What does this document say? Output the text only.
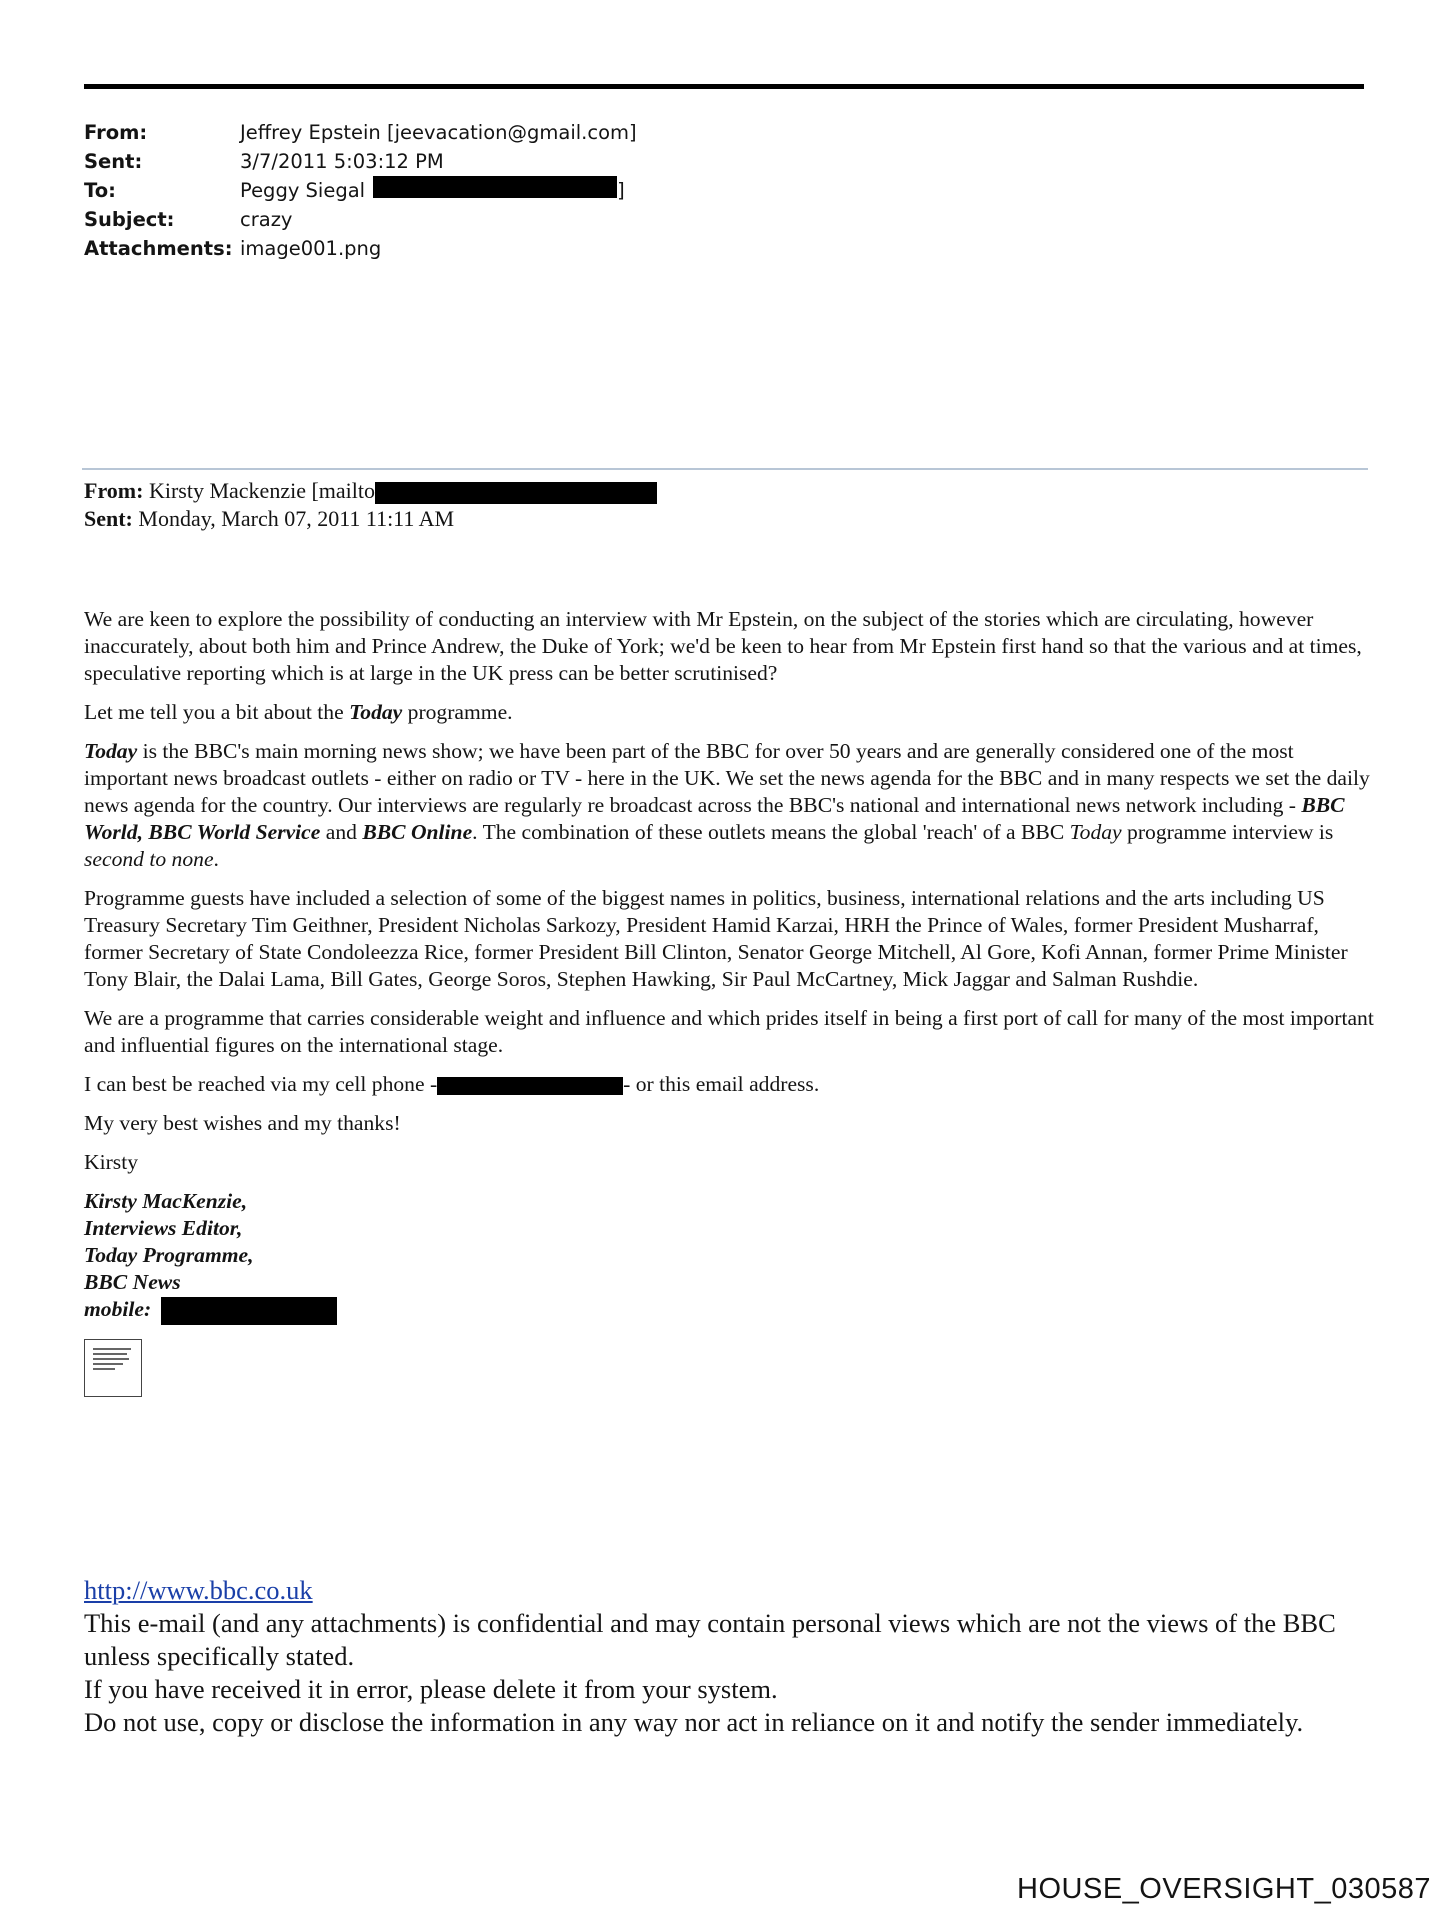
From:	Jeffrey Epstein [jeevacation@gmail.com]
Sent:	3/7/2011 5:03:12 PM
To:	Peggy Siegal	]
Subject:	crazy
Attachments: image001.png
From: Kirsty Mackenzie [mailto
Sent: Monday, March 07, 2011 11:11 AM

We are keen to explore the possibility of conducting an interview with Mr Epstein, on the subject of the stories which are circulating, however inaccurately, about both him and Prince Andrew, the Duke of York; we'd be keen to hear from Mr Epstein first hand so that the various and at times, speculative reporting which is at large in the UK press can be better scrutinised?

Let me tell you a bit about the Today programme.

Today is the BBC's main morning news show; we have been part of the BBC for over 50 years and are generally considered one of the most important news broadcast outlets - either on radio or TV - here in the UK. We set the news agenda for the BBC and in many respects we set the daily news agenda for the country. Our interviews are regularly re broadcast across the BBC's national and international news network including - BBC World, BBC World Service and BBC Online. The combination of these outlets means the global 'reach' of a BBC Today programme interview is second to none.

Programme guests have included a selection of some of the biggest names in politics, business, international relations and the arts including US Treasury Secretary Tim Geithner, President Nicholas Sarkozy, President Hamid Karzai, HRH the Prince of Wales, former President Musharraf, former Secretary of State Condoleezza Rice, former President Bill Clinton, Senator George Mitchell, Al Gore, Kofi Annan, former Prime Minister Tony Blair, the Dalai Lama, Bill Gates, George Soros, Stephen Hawking, Sir Paul McCartney, Mick Jaggar and Salman Rushdie.

We are a programme that carries considerable weight and influence and which prides itself in being a first port of call for many of the most important and influential figures on the international stage.

I can best be reached via my cell phone -	- or this email address.

My very best wishes and my thanks!

Kirsty

Kirsty MacKenzie,
Interviews Editor,
Today Programme,
BBC News
mobile:
http://www.bbc.co.uk
This e-mail (and any attachments) is confidential and may contain personal views which are not the views of the BBC unless specifically stated.
If you have received it in error, please delete it from your system.
Do not use, copy or disclose the information in any way nor act in reliance on it and notify the sender immediately.
HOUSE_OVERSIGHT_030587
